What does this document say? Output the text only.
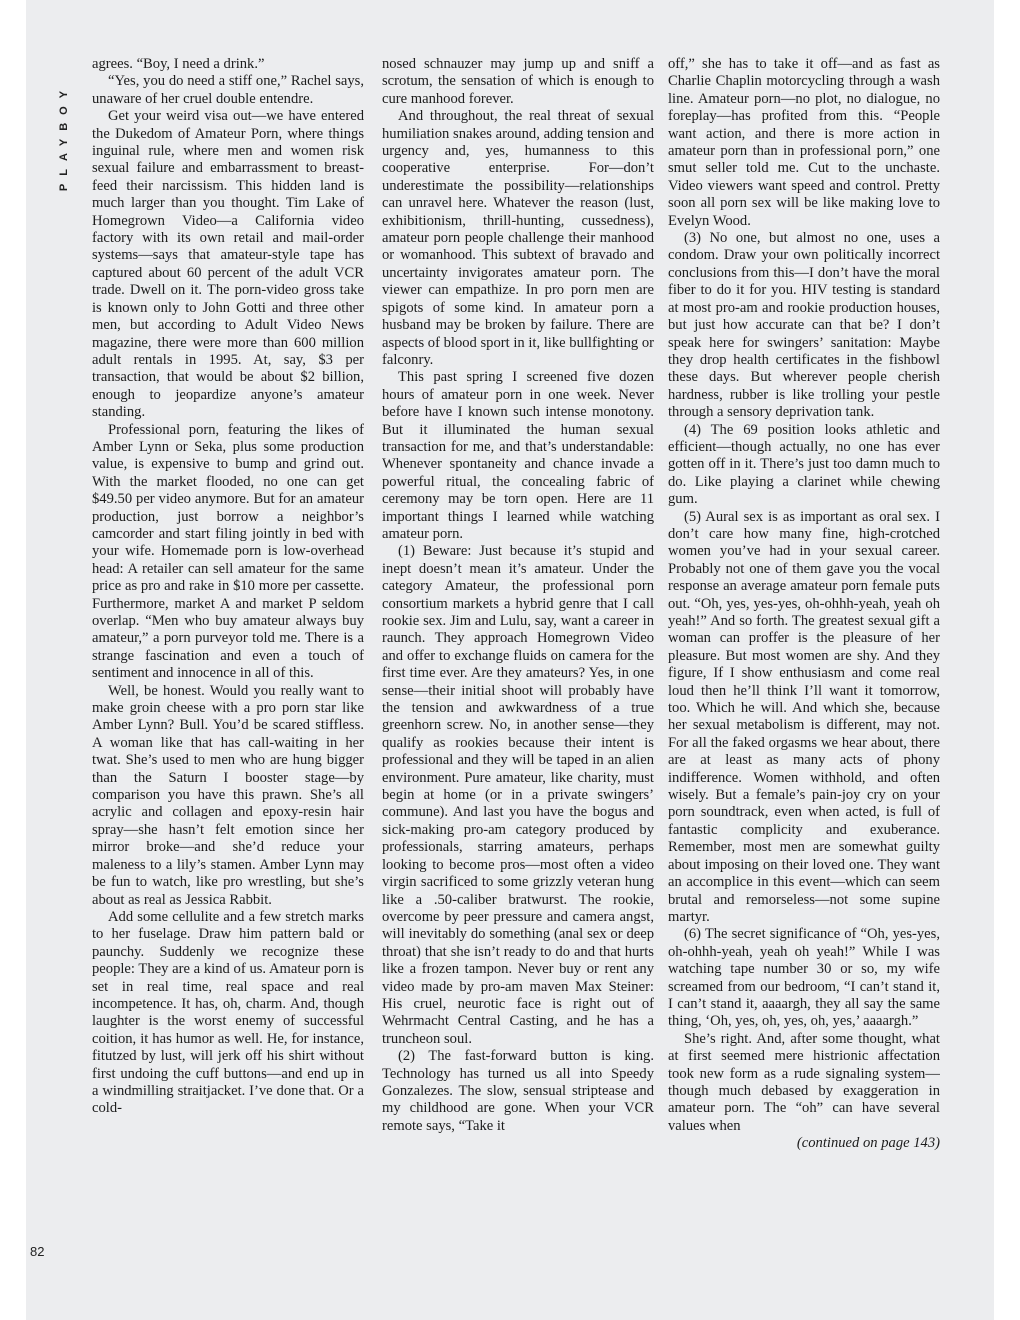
PLAYBOY
82

agrees. “Boy, I need a drink.”

“Yes, you do need a stiff one,” Rachel says, unaware of her cruel double entendre.

Get your weird visa out—we have entered the Dukedom of Amateur Porn, where things inguinal rule, where men and women risk sexual failure and embarrassment to breast-feed their narcissism. This hidden land is much larger than you thought. Tim Lake of Homegrown Video—a California video factory with its own retail and mail-order systems—says that amateur-style tape has captured about 60 percent of the adult VCR trade. Dwell on it. The porn-video gross take is known only to John Gotti and three other men, but according to Adult Video News magazine, there were more than 600 million adult rentals in 1995. At, say, $3 per transaction, that would be about $2 billion, enough to jeopardize anyone’s amateur standing.

Professional porn, featuring the likes of Amber Lynn or Seka, plus some production value, is expensive to bump and grind out. With the market flooded, no one can get $49.50 per video anymore. But for an amateur production, just borrow a neighbor’s camcorder and start filing jointly in bed with your wife. Homemade porn is low-overhead head: A retailer can sell amateur for the same price as pro and rake in $10 more per cassette. Furthermore, market A and market P seldom overlap. “Men who buy amateur always buy amateur,” a porn purveyor told me. There is a strange fascination and even a touch of sentiment and innocence in all of this.

Well, be honest. Would you really want to make groin cheese with a pro porn star like Amber Lynn? Bull. You’d be scared stiffless. A woman like that has call-waiting in her twat. She’s used to men who are hung bigger than the Saturn I booster stage—by comparison you have this prawn. She’s all acrylic and collagen and epoxy-resin hair spray—she hasn’t felt emotion since her mirror broke—and she’d reduce your maleness to a lily’s stamen. Amber Lynn may be fun to watch, like pro wrestling, but she’s about as real as Jessica Rabbit.

Add some cellulite and a few stretch marks to her fuselage. Draw him pattern bald or paunchy. Suddenly we recognize these people: They are a kind of us. Amateur porn is set in real time, real space and real incompetence. It has, oh, charm. And, though laughter is the worst enemy of successful coition, it has humor as well. He, for instance, fitutzed by lust, will jerk off his shirt without first undoing the cuff buttons—and end up in a windmilling straitjacket. I’ve done that. Or a cold-

nosed schnauzer may jump up and sniff a scrotum, the sensation of which is enough to cure manhood forever.

And throughout, the real threat of sexual humiliation snakes around, adding tension and urgency and, yes, humanness to this cooperative enterprise. For—don’t underestimate the possibility—relationships can unravel here. Whatever the reason (lust, exhibitionism, thrill-hunting, cussedness), amateur porn people challenge their manhood or womanhood. This subtext of bravado and uncertainty invigorates amateur porn. The viewer can empathize. In pro porn men are spigots of some kind. In amateur porn a husband may be broken by failure. There are aspects of blood sport in it, like bullfighting or falconry.

This past spring I screened five dozen hours of amateur porn in one week. Never before have I known such intense monotony. But it illuminated the human sexual transaction for me, and that’s understandable: Whenever spontaneity and chance invade a powerful ritual, the concealing fabric of ceremony may be torn open. Here are 11 important things I learned while watching amateur porn.

(1) Beware: Just because it’s stupid and inept doesn’t mean it’s amateur. Under the category Amateur, the professional porn consortium markets a hybrid genre that I call rookie sex. Jim and Lulu, say, want a career in raunch. They approach Homegrown Video and offer to exchange fluids on camera for the first time ever. Are they amateurs? Yes, in one sense—their initial shoot will probably have the tension and awkwardness of a true greenhorn screw. No, in another sense—they qualify as rookies because their intent is professional and they will be taped in an alien environment. Pure amateur, like charity, must begin at home (or in a private swingers’ commune). And last you have the bogus and sick-making pro-am category produced by professionals, starring amateurs, perhaps looking to become pros—most often a video virgin sacrificed to some grizzly veteran hung like a .50-caliber bratwurst. The rookie, overcome by peer pressure and camera angst, will inevitably do something (anal sex or deep throat) that she isn’t ready to do and that hurts like a frozen tampon. Never buy or rent any video made by pro-am maven Max Steiner: His cruel, neurotic face is right out of Wehrmacht Central Casting, and he has a truncheon soul.

(2) The fast-forward button is king. Technology has turned us all into Speedy Gonzalezes. The slow, sensual striptease and my childhood are gone. When your VCR remote says, “Take it

off,” she has to take it off—and as fast as Charlie Chaplin motorcycling through a wash line. Amateur porn—no plot, no dialogue, no foreplay—has profited from this. “People want action, and there is more action in amateur porn than in professional porn,” one smut seller told me. Cut to the unchaste. Video viewers want speed and control. Pretty soon all porn sex will be like making love to Evelyn Wood.

(3) No one, but almost no one, uses a condom. Draw your own politically incorrect conclusions from this—I don’t have the moral fiber to do it for you. HIV testing is standard at most pro-am and rookie production houses, but just how accurate can that be? I don’t speak here for swingers’ sanitation: Maybe they drop health certificates in the fishbowl these days. But wherever people cherish hardness, rubber is like trolling your pestle through a sensory deprivation tank.

(4) The 69 position looks athletic and efficient—though actually, no one has ever gotten off in it. There’s just too damn much to do. Like playing a clarinet while chewing gum.

(5) Aural sex is as important as oral sex. I don’t care how many fine, high-crotched women you’ve had in your sexual career. Probably not one of them gave you the vocal response an average amateur porn female puts out. “Oh, yes, yes-yes, oh-ohhh-yeah, yeah oh yeah!” And so forth. The greatest sexual gift a woman can proffer is the pleasure of her pleasure. But most women are shy. And they figure, If I show enthusiasm and come real loud then he’ll think I’ll want it tomorrow, too. Which he will. And which she, because her sexual metabolism is different, may not. For all the faked orgasms we hear about, there are at least as many acts of phony indifference. Women withhold, and often wisely. But a female’s pain-joy cry on your porn soundtrack, even when acted, is full of fantastic complicity and exuberance. Remember, most men are somewhat guilty about imposing on their loved one. They want an accomplice in this event—which can seem brutal and remorseless—not some supine martyr.

(6) The secret significance of “Oh, yes-yes, oh-ohhh-yeah, yeah oh yeah!” While I was watching tape number 30 or so, my wife screamed from our bedroom, “I can’t stand it, I can’t stand it, aaaargh, they all say the same thing, ‘Oh, yes, oh, yes, oh, yes,’ aaaargh.”

She’s right. And, after some thought, what at first seemed mere histrionic affectation took new form as a rude signaling system—though much debased by exaggeration in amateur porn. The “oh” can have several values when

(continued on page 143)
